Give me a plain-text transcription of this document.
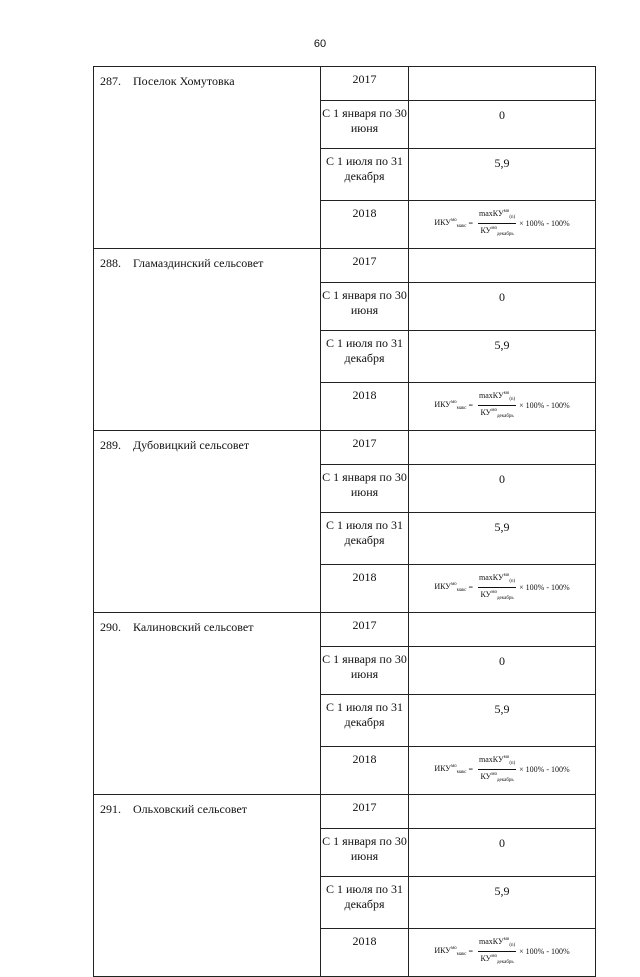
60
287. Поселок Хомутовка	2017	
	С 1 января по 30 июня	0
	С 1 июля по 31 декабря	5,9
	2018	$ИКУ^{мо}_{макс} = \frac{\max КУ^{мо}_{(n)}}{КУ^{мо}_{декабрь}} \times 100\% - 100\%$

288. Гламаздинский сельсовет	2017	
	С 1 января по 30 июня	0
	С 1 июля по 31 декабря	5,9
	2018	$ИКУ^{мо}_{макс} = \frac{\max КУ^{мо}_{(n)}}{КУ^{мо}_{декабрь}} \times 100\% - 100\%$

289. Дубовицкий сельсовет	2017	
	С 1 января по 30 июня	0
	С 1 июля по 31 декабря	5,9
	2018	$ИКУ^{мо}_{макс} = \frac{\max КУ^{мо}_{(n)}}{КУ^{мо}_{декабрь}} \times 100\% - 100\%$

290. Калиновский сельсовет	2017	
	С 1 января по 30 июня	0
	С 1 июля по 31 декабря	5,9
	2018	$ИКУ^{мо}_{макс} = \frac{\max КУ^{мо}_{(n)}}{КУ^{мо}_{декабрь}} \times 100\% - 100\%$

291. Ольховский сельсовет	2017	
	С 1 января по 30 июня	0
	С 1 июля по 31 декабря	5,9
	2018	$ИКУ^{мо}_{макс} = \frac{\max КУ^{мо}_{(n)}}{КУ^{мо}_{декабрь}} \times 100\% - 100\%$
